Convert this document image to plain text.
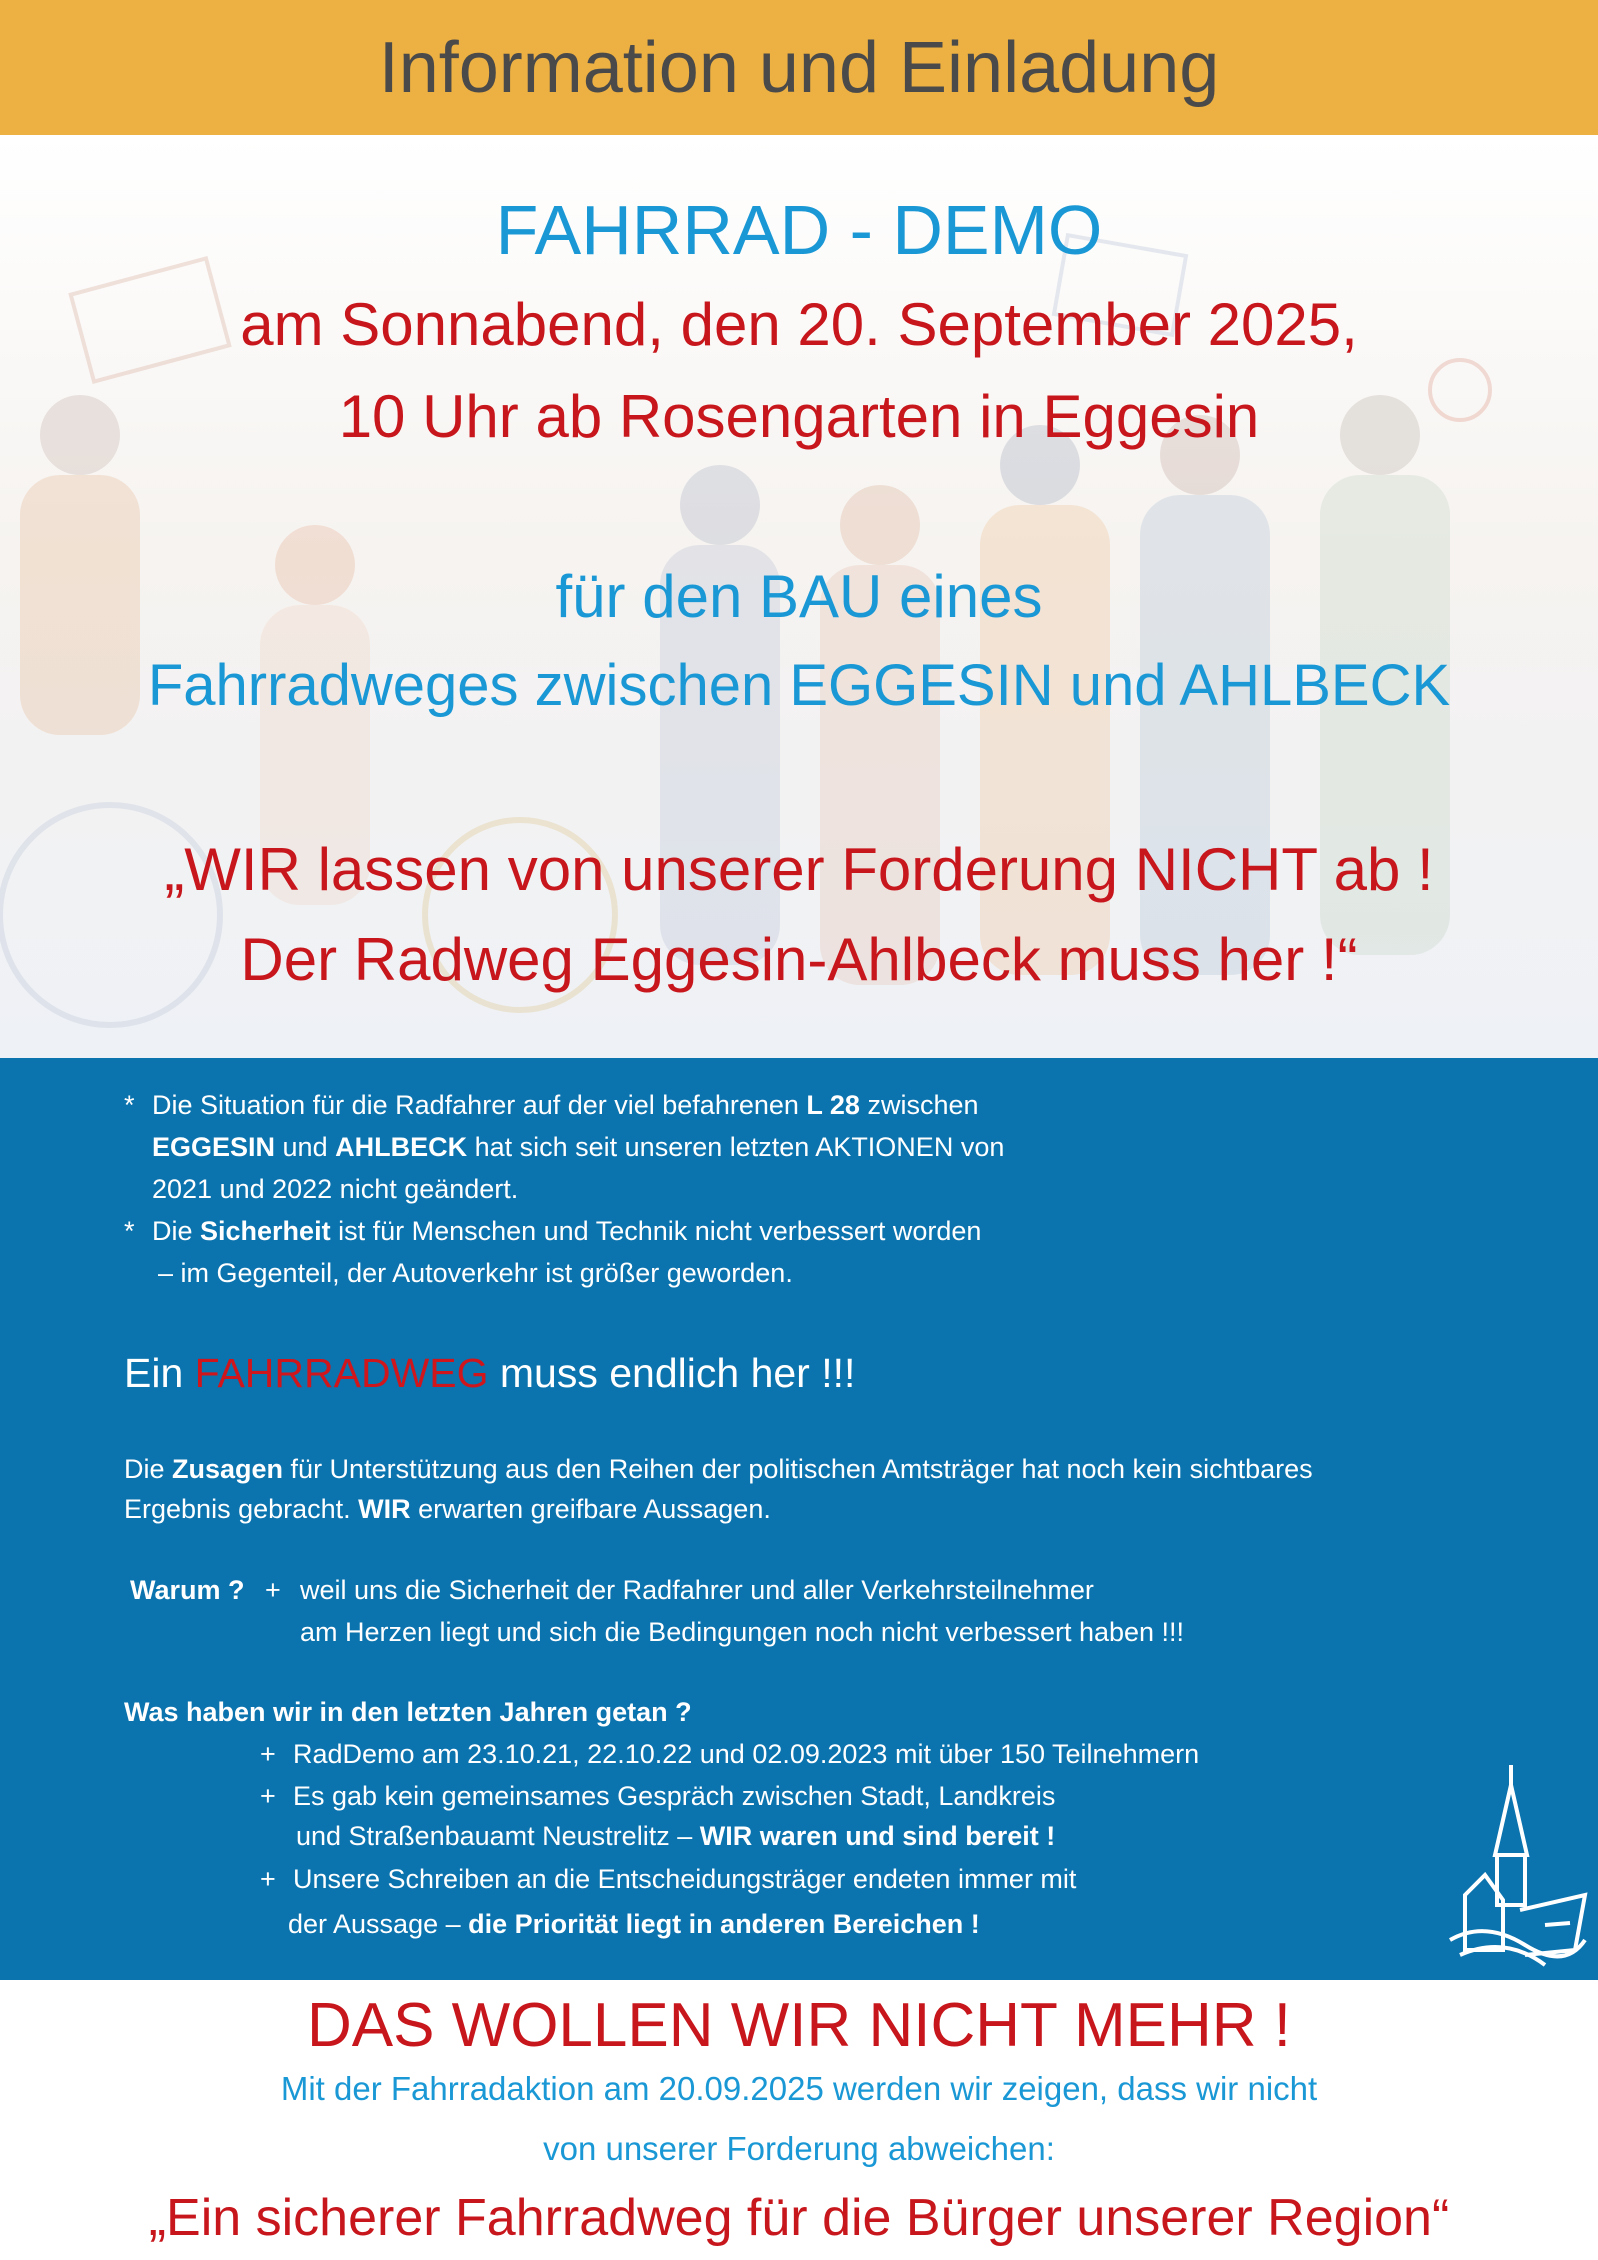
Information und Einladung
FAHRRAD - DEMO
am Sonnabend, den 20. September 2025,
10 Uhr ab Rosengarten in Eggesin
für den BAU eines
Fahrradweges zwischen EGGESIN und AHLBECK
„WIR lassen von unserer Forderung NICHT ab !
Der Radweg Eggesin-Ahlbeck muss her !“
* Die Situation für die Radfahrer auf der viel befahrenen L 28 zwischen
EGGESIN und AHLBECK hat sich seit unseren letzten AKTIONEN von
2021 und 2022 nicht geändert.
* Die Sicherheit ist für Menschen und Technik nicht verbessert worden
– im Gegenteil, der Autoverkehr ist größer geworden.
Ein FAHRRADWEG muss endlich her !!!
Die Zusagen für Unterstützung aus den Reihen der politischen Amtsträger hat noch kein sichtbares
Ergebnis gebracht. WIR erwarten greifbare Aussagen.
Warum ? + weil uns die Sicherheit der Radfahrer und aller Verkehrsteilnehmer
am Herzen liegt und sich die Bedingungen noch nicht verbessert haben !!!
Was haben wir in den letzten Jahren getan ?
+ RadDemo am 23.10.21, 22.10.22 und 02.09.2023 mit über 150 Teilnehmern
+ Es gab kein gemeinsames Gespräch zwischen Stadt, Landkreis
und Straßenbauamt Neustrelitz – WIR waren und sind bereit !
+ Unsere Schreiben an die Entscheidungsträger endeten immer mit
der Aussage – die Priorität liegt in anderen Bereichen !
DAS WOLLEN WIR NICHT MEHR !
Mit der Fahrradaktion am 20.09.2025 werden wir zeigen, dass wir nicht
von unserer Forderung abweichen:
„Ein sicherer Fahrradweg für die Bürger unserer Region“
